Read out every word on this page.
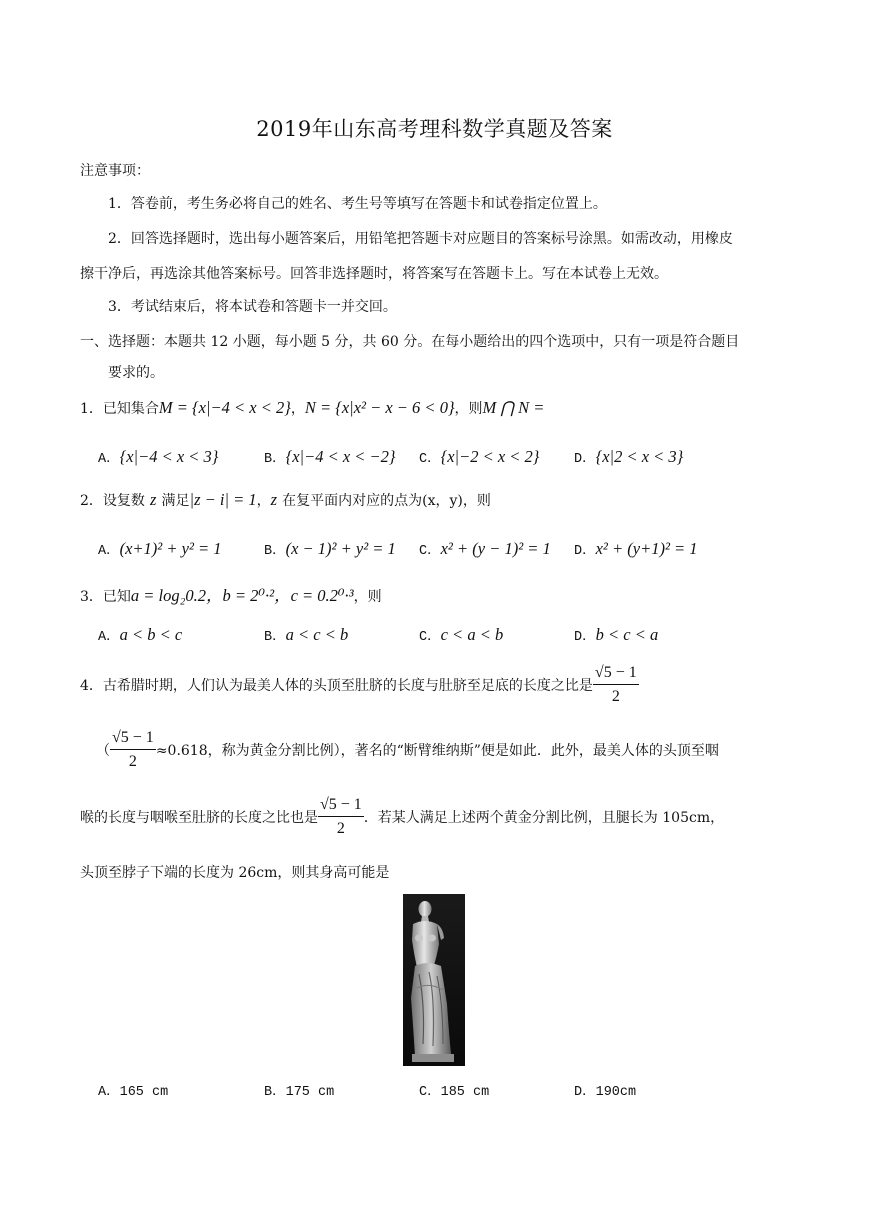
2019年山东高考理科数学真题及答案
注意事项：
1．答卷前，考生务必将自己的姓名、考生号等填写在答题卡和试卷指定位置上。
2．回答选择题时，选出每小题答案后，用铅笔把答题卡对应题目的答案标号涂黑。如需改动，用橡皮
擦干净后，再选涂其他答案标号。回答非选择题时，将答案写在答题卡上。写在本试卷上无效。
3．考试结束后，将本试卷和答题卡一并交回。
一、选择题：本题共 12 小题，每小题 5 分，共 60 分。在每小题给出的四个选项中，只有一项是符合题目
要求的。
1．已知集合M = {x|−4 < x < 2}，N = {x|x² − x − 6 < 0}，则M ⋂ N =
A．{x|−4 < x < 3}	B．{x|−4 < x < −2} C．{x|−2 < x < 2}	D．{x|2 < x < 3}
2．设复数 z 满足|z − i| = 1，z 在复平面内对应的点为(x，y)，则
A．(x+1)² + y² = 1	B．(x − 1)² + y² = 1 C．x² + (y − 1)² = 1 D．x² + (y+1)² = 1
3．已知a = log₂0.2，b = 2⁰·²，c = 0.2⁰·³，则
A．a < b < c	B．a < c < b	C．c < a < b	D．b < c < a
4．古希腊时期，人们认为最美人体的头顶至肚脐的长度与肚脐至足底的长度之比是 $\frac{√5 - 1}{2}$
（ $\frac{√5 - 1}{2} \approx 0.618$，称为黄金分割比例），著名的“断臂维纳斯”便是如此．此外，最美人体的头顶至咽
喉的长度与咽喉至肚脐的长度之比也是 $\frac{√5 - 1}{2}$ ．若某人满足上述两个黄金分割比例，且腿长为 105cm，
头顶至脖子下端的长度为 26cm，则其身高可能是
A．165 cm	B．175 cm	C．185 cm	D．190cm
